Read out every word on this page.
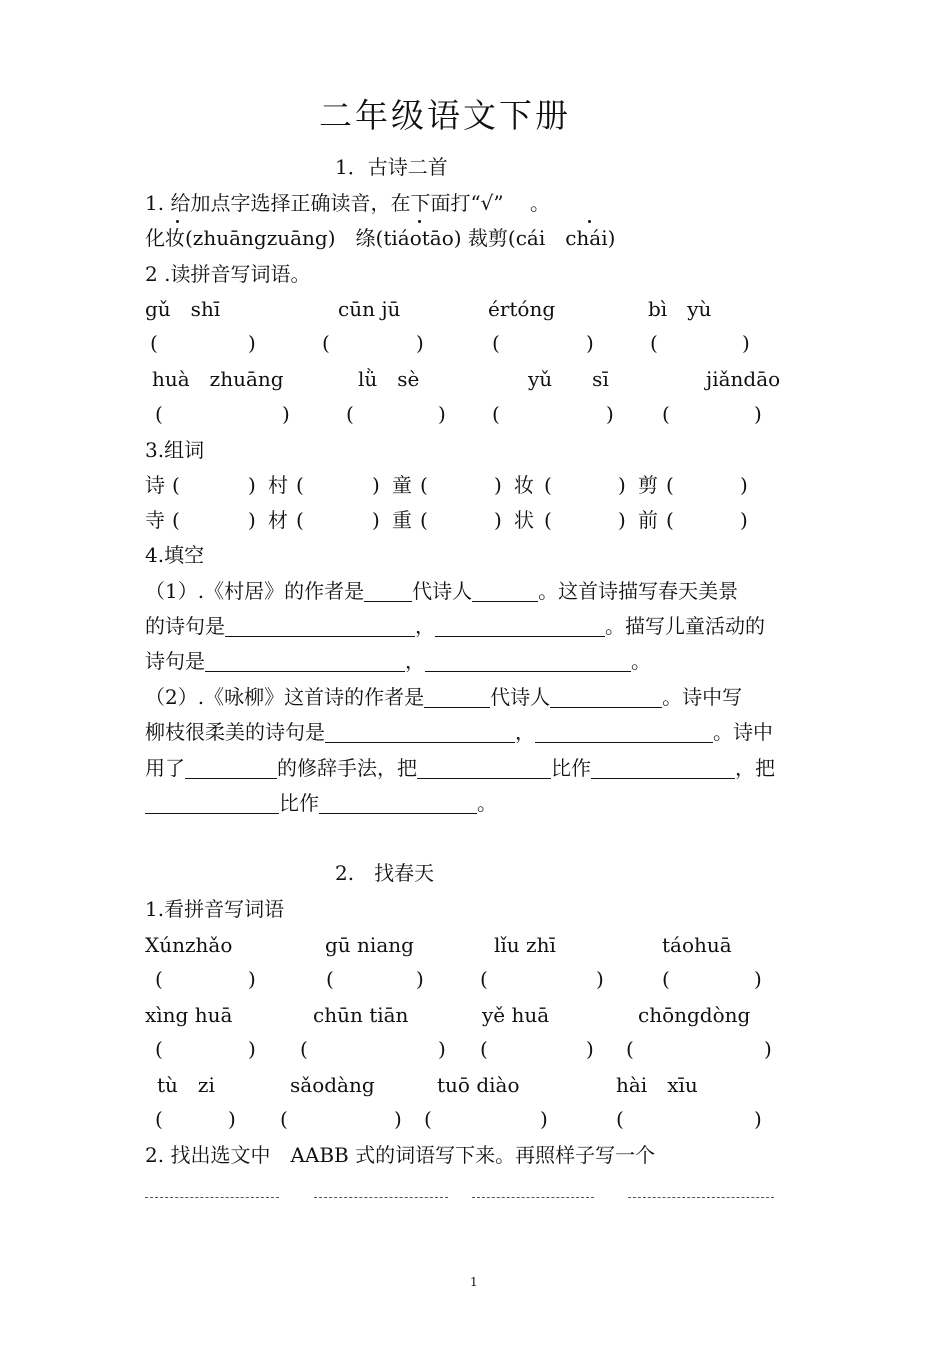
二年级语文下册
1．古诗二首
1. 给加点字选择正确读音，在下面打“√”　 。
化妆(zhuāngzuāng)　绦(tiáotāo) 裁剪(cái　chái)
2 .读拼音写词语。
gǔ　shī	cūn jū	értóng	bì　yù
(	)	(	)	(	)	(	)
huà　zhuāng	lǜ　sè	yǔ　　sī	jiǎndāo
(	)	(	) (	) (	)
3.组词
诗 (	) 村 (	) 童 (	) 妆 (	) 剪 (	)
寺 (	) 材 (	) 重 (	) 状 (	) 前 (	)
4.填空
（1）.《村居》的作者是 代诗人	。这首诗描写春天美景
的诗句是	，	。描写儿童活动的
诗句是	，	。
（2）.《咏柳》这首诗的作者是	代诗人	。诗中写
柳枝很柔美的诗句是	，	。诗中
用了	的修辞手法，把	比作	，把
比作	。
2.　找春天
1.看拼音写词语
Xúnzhǎo	gū niang	lǐu zhī	táohuā
(	)	(	)	(	)	(	)
xìng huā	chūn tiān	yě huā	chōngdòng
(	) (	) (	) (	)
tù　zi	sǎodàng	tuō diào	hài　xīu
(	) (	) (	)	(	)
2. 找出选文中　AABB 式的词语写下来。再照样子写一个
1
